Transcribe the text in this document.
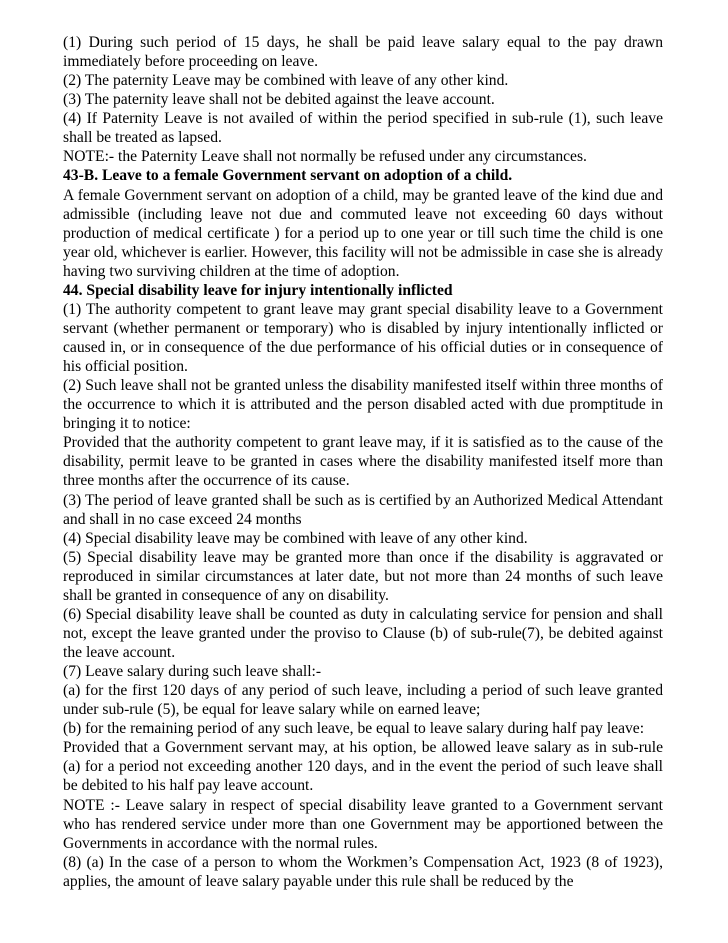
(1) During such period of 15 days, he shall be paid leave salary equal to the pay drawn immediately before proceeding on leave.

(2) The paternity Leave may be combined with leave of any other kind.

(3) The paternity leave shall not be debited against the leave account.

(4) If Paternity Leave is not availed of within the period specified in sub-rule (1), such leave shall be treated as lapsed.

NOTE:- the Paternity Leave shall not normally be refused under any circumstances.

43-B. Leave to a female Government servant on adoption of a child.

A female Government servant on adoption of a child, may be granted leave of the kind due and admissible (including leave not due and commuted leave not exceeding 60 days without production of medical certificate ) for a period up to one year or till such time the child is one year old, whichever is earlier. However, this facility will not be admissible in case she is already having two surviving children at the time of adoption.

44. Special disability leave for injury intentionally inflicted

(1) The authority competent to grant leave may grant special disability leave to a Government servant (whether permanent or temporary) who is disabled by injury intentionally inflicted or caused in, or in consequence of the due performance of his official duties or in consequence of his official position.

(2) Such leave shall not be granted unless the disability manifested itself within three months of the occurrence to which it is attributed and the person disabled acted with due promptitude in bringing it to notice:

Provided that the authority competent to grant leave may, if it is satisfied as to the cause of the disability, permit leave to be granted in cases where the disability manifested itself more than three months after the occurrence of its cause.

(3) The period of leave granted shall be such as is certified by an Authorized Medical Attendant and shall in no case exceed 24 months

(4) Special disability leave may be combined with leave of any other kind.

(5) Special disability leave may be granted more than once if the disability is aggravated or reproduced in similar circumstances at later date, but not more than 24 months of such leave shall be granted in consequence of any on disability.

(6) Special disability leave shall be counted as duty in calculating service for pension and shall not, except the leave granted under the proviso to Clause (b) of sub-rule(7), be debited against the leave account.

(7) Leave salary during such leave shall:-

(a) for the first 120 days of any period of such leave, including a period of such leave granted under sub-rule (5), be equal for leave salary while on earned leave;

(b) for the remaining period of any such leave, be equal to leave salary during half pay leave:

Provided that a Government servant may, at his option, be allowed leave salary as in sub-rule (a) for a period not exceeding another 120 days, and in the event the period of such leave shall be debited to his half pay leave account.

NOTE :- Leave salary in respect of special disability leave granted to a Government servant who has rendered service under more than one Government may be apportioned between the Governments in accordance with the normal rules.

(8) (a) In the case of a person to whom the Workmen’s Compensation Act, 1923 (8 of 1923), applies, the amount of leave salary payable under this rule shall be reduced by the
